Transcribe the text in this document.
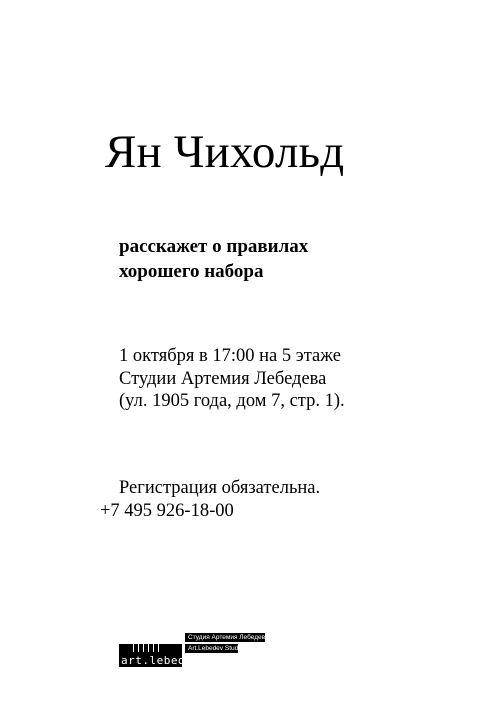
Ян Чихольд
расскажет о правилах
хорошего набора
1 октября в 17:00 на 5 этаже
Студии Артемия Лебедева
(ул. 1905 года, дом 7, стр. 1).
Регистрация обязательна.
+7 495 926-18-00
art.lebedev
Студия Артемия Лебедева
Art.Lebedev Studio
